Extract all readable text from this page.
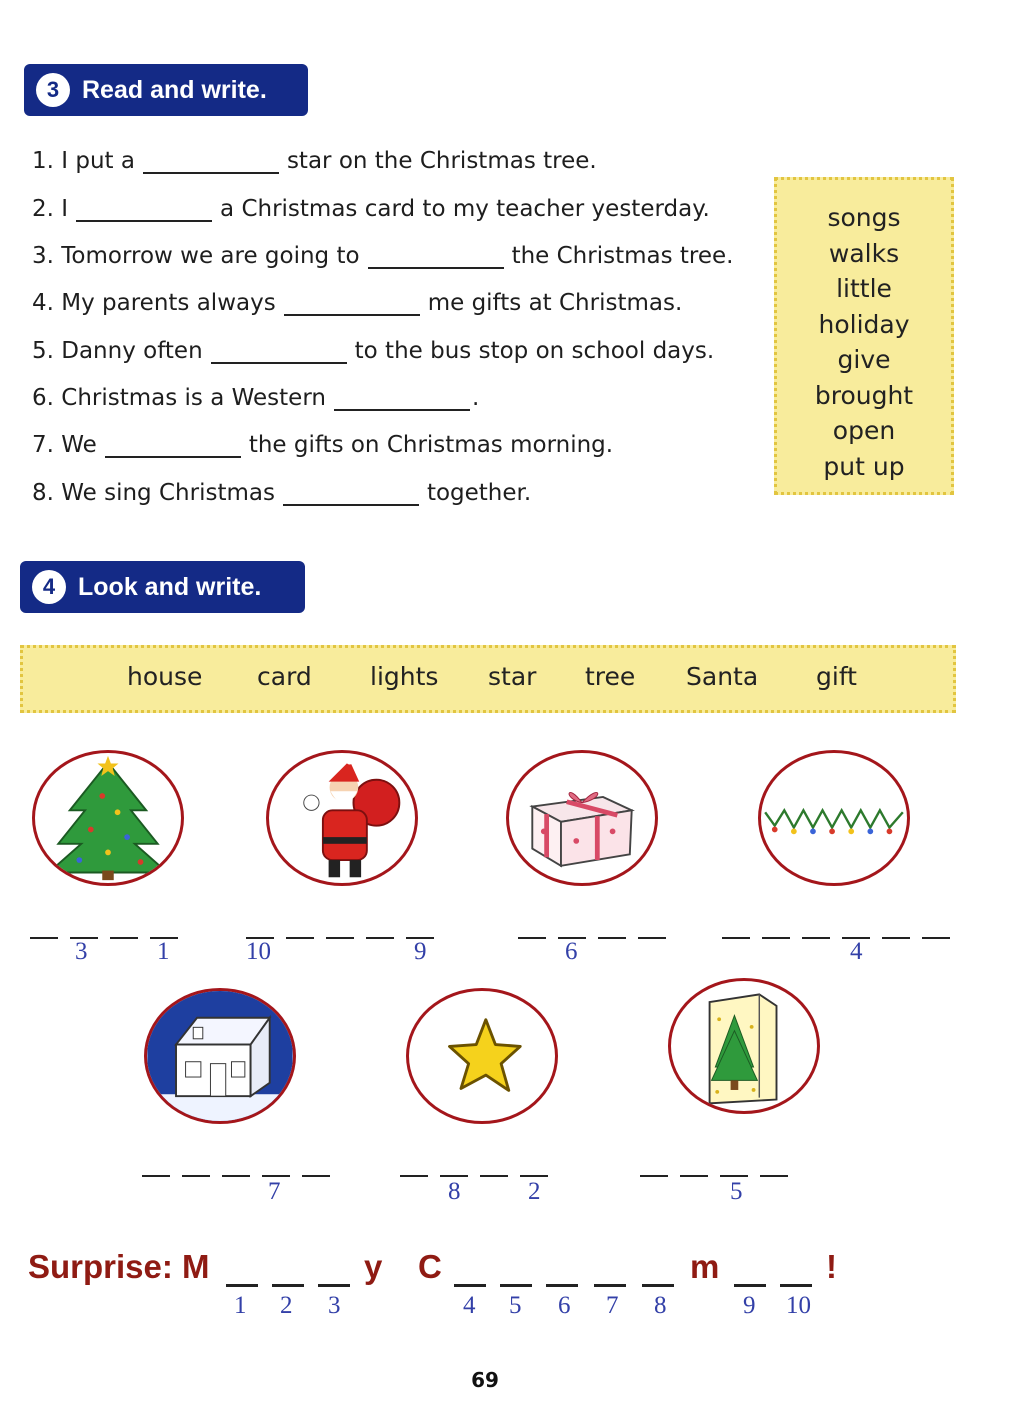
3 Read and write.
1. I put a	star on the Christmas tree.
2. I	a Christmas card to my teacher yesterday.
3. Tomorrow we are going to	the Christmas tree.
4. My parents always	me gifts at Christmas.
5. Danny often	to the bus stop on school days.
6. Christmas is a Western	.
7. We	the gifts on Christmas morning.
8. We sing Christmas	together.
songs
walks
little
holiday
give
brought
open
put up
4 Look and write.
house card lights star tree Santa gift
3	1	10	9	6	4
7	8	2	5
Surprise: M	y C	m	!
1 2 3	4 5 6 7 8	9 10
69
